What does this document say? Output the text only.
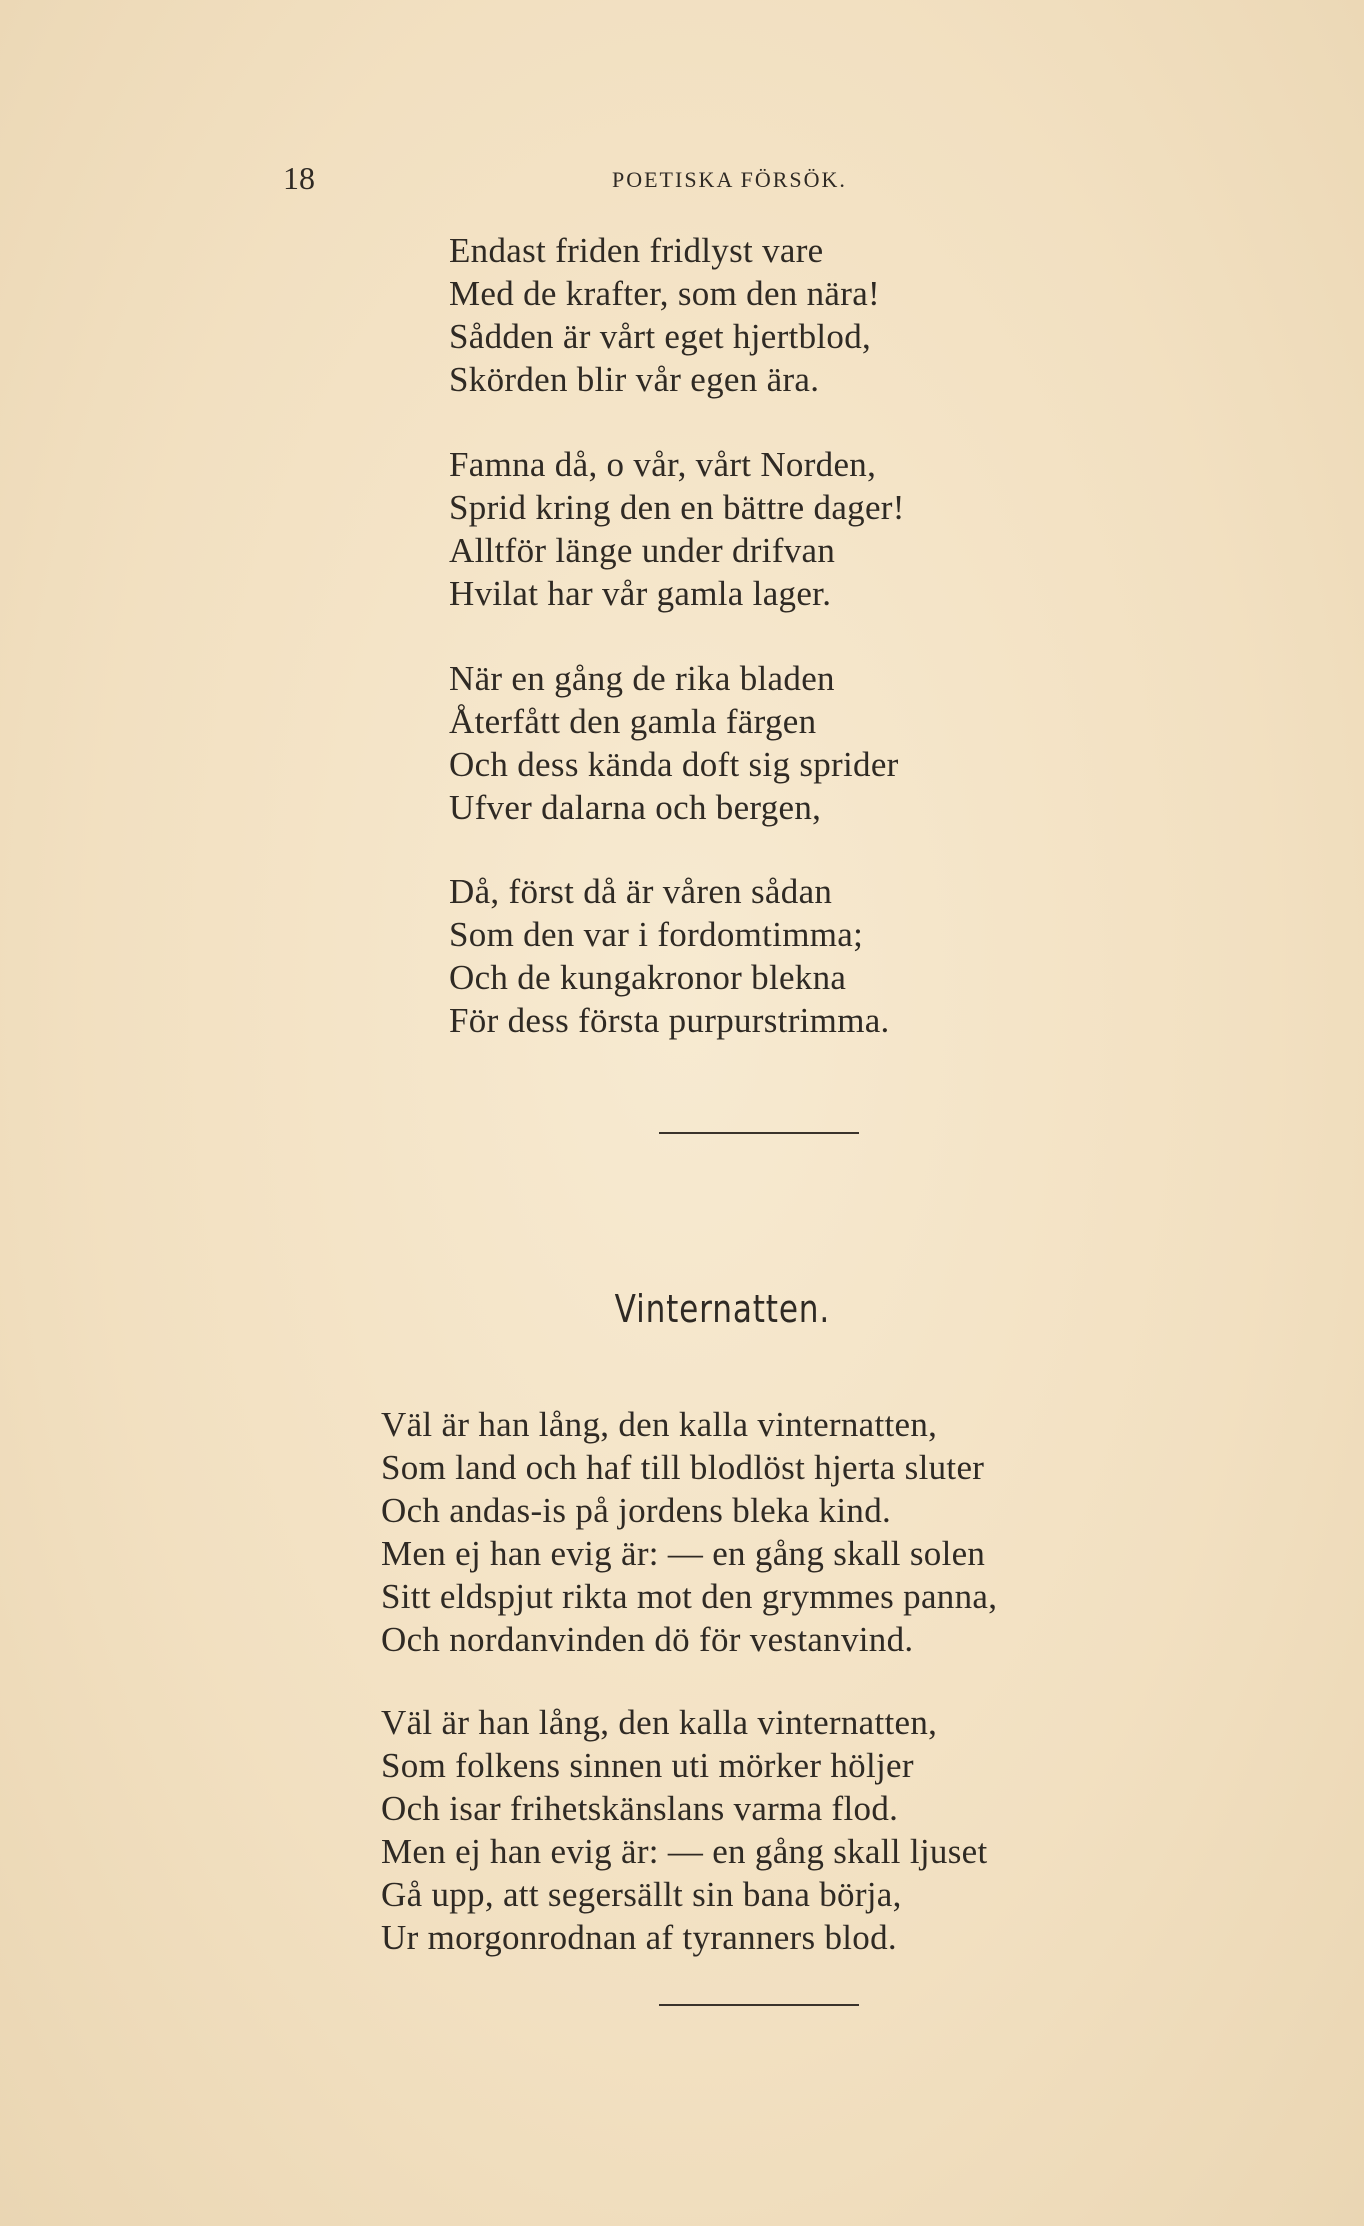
18	POETISKA FÖRSÖK.
Endast friden fridlyst vare
Med de krafter, som den nära!
Sådden är vårt eget hjertblod,
Skörden blir vår egen ära.
Famna då, o vår, vårt Norden,
Sprid kring den en bättre dager!
Alltför länge under drifvan
Hvilat har vår gamla lager.
När en gång de rika bladen
Återfått den gamla färgen
Och dess kända doft sig sprider
Ufver dalarna och bergen,
Då, först då är våren sådan
Som den var i fordomtimma;
Och de kungakronor blekna
För dess första purpurstrimma.
Vinternatten.
Väl är han lång, den kalla vinternatten,
Som land och haf till blodlöst hjerta sluter
Och andas-is på jordens bleka kind.
Men ej han evig är: — en gång skall solen
Sitt eldspjut rikta mot den grymmes panna,
Och nordanvinden dö för vestanvind.
Väl är han lång, den kalla vinternatten,
Som folkens sinnen uti mörker höljer
Och isar frihetskänslans varma flod.
Men ej han evig är: — en gång skall ljuset
Gå upp, att segersällt sin bana börja,
Ur morgonrodnan af tyranners blod.
